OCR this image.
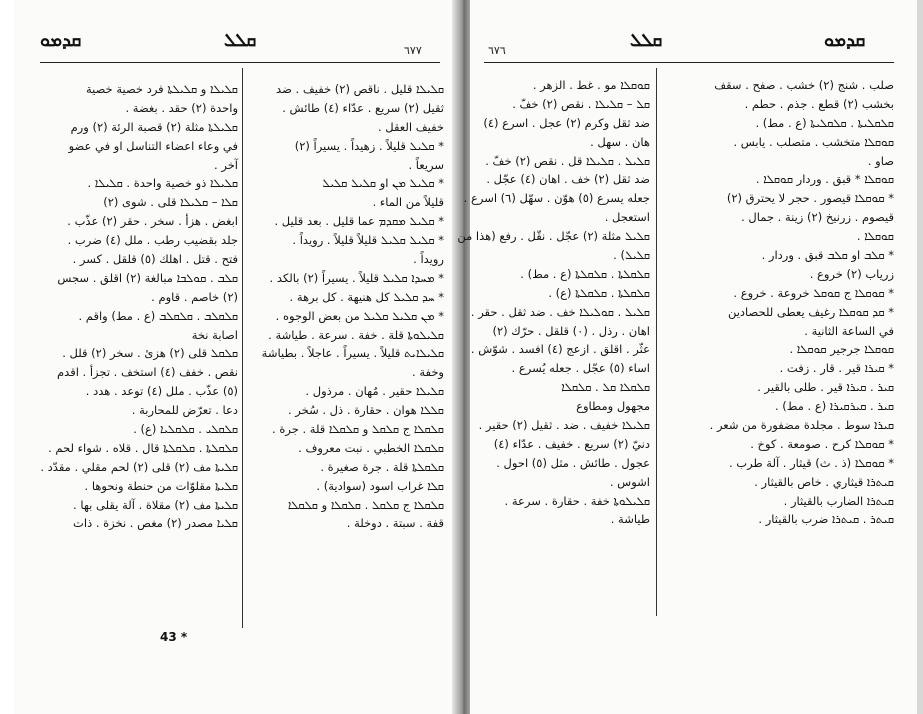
ܩܕܡܘ	ܩܠܠ	٦٧٧
ܩܠܝܠܐ و ܩܠܝܠܬܐ فرد خصية خصية
واحدة (٢) حقد . بغضة .
ܩܠܝܠܬܐ مثلة (٢) قصبة الرئة (٢) ورم
في وعاء اعضاء التناسل او في عضو
آخر .
ܩܠܝܠܐ ذو خصية واحدة . ܩܠܝܠܐ .
ܩܠܐ – ܩܠܝܠܐ قلى . شوى (٢)
ابغض . هزأ . سخر . حقر (٢) عذّب .
جلد بقضيب رطب . ملل (٤) ضرب .
فتح . قتل . اهلك (٥) قلقل . كسر .
ܩܠܒ . ܩܘܠܒܐ مبالغة (٢) اقلق . سجس
(٢) خاصم . قاوم .
ܩܠܩܠܒ . ܩܠܩܠܒ (ع . مط) واقم .
اصابة نخة
ܩܠܩܠ قلى (٢) هزئ . سخر (٢) قلل .
نقص . خفف (٤) استخف . تجزأ . اقدم
(٥) عذّب . ملل (٤) توعد . هدد .
دعا . تعرّض للمحاربة .
ܩܠܩܠܝ . ܩܠܩܠܝܐ (ع) .
ܩܠܩܠܬܐ . ܩܠܩܠܬܐ قال . قلاه . شواء لحم .
ܩܠܝܬܐ مف (٢) قلى (٢) لحم مقلي . مقدّد .
ܩܠܝܬܐ مقلوّات من حنطة ونحوها .
ܩܠܝܬܐ مف (٢) مقلاة . آلة يقلى بها .
ܩܠܝܐ مصدر (٢) مغص . نخزة . ذات
ܩܠܝܠܐ قليل . ناقص (٢) خفيف . ضد
ثقيل (٢) سريع . عدّاء (٤) طائش .
خفيف العقل .
* ܩܠܝܠ قليلاً . زهيداً . يسيراً (٢)
سريعاً .
* ܩܠܝܠ ܡܢ او ܩܠܝܠ ܩܠܝܠ
قليلاً من الماء .
* ܩܠܝܠ ܡܩܕܡ عما قليل . بعد قليل .
* ܩܠܝܠ ܩܠܝܠ قليلاً قليلاً . رويداً .
رويداً .
* ܡܚܕܐ ܩܠܝܠ قليلاً . يسيراً (٢) بالكد .
* ܚܕ ܩܠܝܠ كل هنيهة . كل برهة .
* ܡܢ ܩܠܝܠ ܩܠܝܠ من بعض الوجوه .
ܩܠܝܠܘܬܐ قلة . خفة . سرعة . طياشة .
ܩܠܝܠܐܝܬ قليلاً . يسيراً . عاجلاً . بطياشة
وخفة .
ܩܠܝܠܐ حقير . مُهان . مرذول .
ܩܠܠܐ هوان . حقارة . ذل . سُخر .
ܩܠܩܠܐ ج ܩܠܩܠ و ܩܠܩܠܐ قلة . جرة .
ܩܠܩܠܐ الخطبي . نبت معروف .
ܩܠܩܠܬܐ قلة . جرة صغيرة .
ܩܠܐ غراب اسود (سوادية) .
ܩܠܩܠܐ ج ܩܠܩܠ . ܩܠܩܠܐ و ܩܠܩܠܐ
قفة . سبتة . دوخلة .
43 *
ܩܠܠ	ܩܕܡܘ
٦٧٦
ܩܘܩܠܐ مو . غط . الزهر .
ܩܠ – ܩܠܝܠܐ . نقص (٢) خفّ .
ضد ثقل وكرم (٢) عجل . اسرع (٤)
هان . سهل .
ܩܠܝܠ . ܩܠܝܠܐ قل . نقص (٢) خفّ .
ضد ثقل (٢) خف . اهان (٤) عجّل .
جعله يسرع (٥) هوّن . سهّل (٦) اسرع .
استعجل .
ܩܠܝܠ مثلة (٢) عجّل . نقّل . رفع (هذا من
ܩܠܝܠ) .
ܩܠܩܠܬܐ . ܩܠܩܠܬܐ (ع . مط) .
ܩܠܩܠܬܐ . ܩܠܩܠܬܐ (ع) .
ܩܠܝܠ . ܩܘܠܝܠܐ خف . ضد ثقل . حقر .
اهان . رذل . (٠) قلقل . حرّك (٢)
عثّر . اقلق . ازعج (٤) افسد . شوّش .
اساء (٥) عجّل . جعله يُسرع .
ܩܠܩܠܐ ܩܠ . ܩܠܩܠܐ
مجهول ومطاوع
ܩܠܝܠܐ خفيف . ضد . ثقيل (٢) حقير .
دنيّ (٢) سريع . خفيف . عدّاء (٤)
عجول . طائش . مثل (٥) احول .
اشوس .
ܩܠܝܠܘܬܐ خفة . حقارة . سرعة .
طياشة .
صلب . شنج (٢) خشب . صفح . سقف
بخشب (٢) قطع . جذم . حطم .
ܩܠܩܠܝܬܐ . ܩܠܩܠܝܬܐ (ع . مط) .
ܩܘܩܠܐ متخشب . متصلب . يابس .
صاو .
ܩܘܩܠܐ * قبق . وردار ܩܘܩܠܐ .
* ܩܘܩܠܐ قيصور . حجر لا يحترق (٢)
قيصوم . زرنيخ (٢) زينة . جمال .
ܩܘܩܠܐ .
* ܩܠܒ او ܩܠܒ قبق . وردار .
زرياب (٢) خروع .
* ܩܘܩܠܐ ج ܩܘܩܠ خروعة . خروع .
* ܩܕ ܩܘܩܠܐ رغيف يعطى للحصادين
في الساعة الثانية .
ܩܘܩܠܐ جرجير ܩܘܩܠܐ .
* ܩܝܪܐ قير . قار . زفت .
ܩܝܪ . ܩܝܪܐ قير . طلى بالقير .
ܩܝܪ . ܩܝܪܩܝܪܐ (ع . مط) .
ܩܝܪܐ سوط . مجلدة مضفورة من شعر .
* ܩܘܩܠܐ كرح . صومعة . كوخ .
* ܩܘܩܠܐ (ذ . ث) قيثار . آلة طرب .
ܩܝܬܪܐ قيثاري . خاص بالقيثار .
ܩܝܬܪܐ الضارب بالقيثار .
ܩܝܬܪ . ܩܝܬܪܐ ضرب بالقيثار .
